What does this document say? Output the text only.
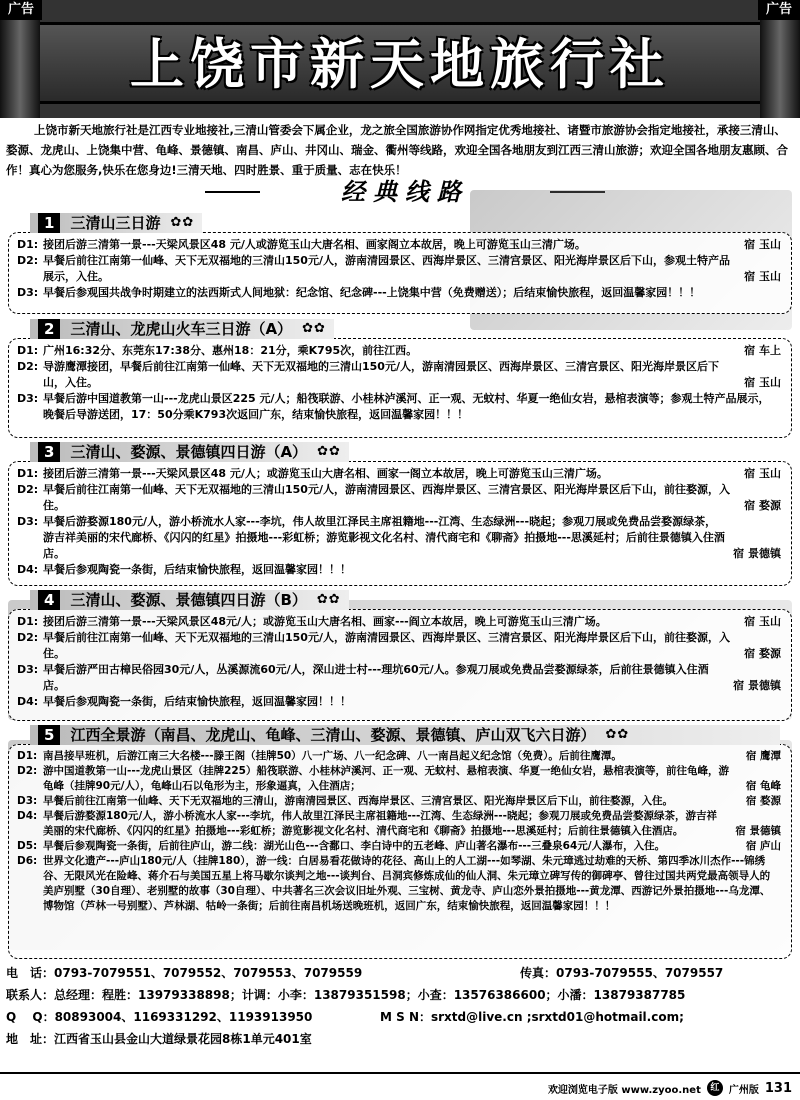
广告	广告
上饶市新天地旅行社
上饶市新天地旅行社是江西专业地接社,三清山管委会下属企业，龙之旅全国旅游协作网指定优秀地接社、诸暨市旅游协会指定地接社，承接三清山、婺源、龙虎山、上饶集中营、龟峰、景德镇、南昌、庐山、井冈山、瑞金、衢州等线路，欢迎全国各地朋友到江西三清山旅游；欢迎全国各地朋友惠顾、合作！真心为您服务,快乐在您身边!三清天地、四时胜景、重于质量、志在快乐！
经典线路
1	三清山三日游 ✿✿
D1: 接团后游三清第一景---天梁风景区48 元/人或游览玉山大唐名相、画家阁立本故居，晚上可游览玉山三清广场。	宿 玉山
D2: 早餐后前往江南第一仙峰、天下无双福地的三清山150元/人，游南清园景区、西海岸景区、三清宫景区、阳光海岸景区后下山，参观土特产品展示，入住。	宿 玉山
D3: 早餐后参观国共战争时期建立的法西斯式人间地狱：纪念馆、纪念碑---上饶集中营（免费赠送）；后结束愉快旅程，返回温馨家园！！！
2	三清山、龙虎山火车三日游（A） ✿✿
D1: 广州16:32分、东莞东17:38分、惠州18：21分，乘K795次，前往江西。	宿 车上
D2: 导游鹰潭接团，早餐后前往江南第一仙峰、天下无双福地的三清山150元/人，游南清园景区、西海岸景区、三清宫景区、阳光海岸景区后下山，入住。	宿 玉山
D3: 早餐后游中国道教第一山---龙虎山景区225 元/人；船筏联游、小桂林泸溪河、正一观、无蚊村、华夏一绝仙女岩，悬棺表演等；参观土特产品展示，晚餐后导游送团，17：50分乘K793次返回广东，结束愉快旅程，返回温馨家园！！！
3	三清山、婺源、景德镇四日游（A） ✿✿
D1: 接团后游三清第一景---天梁风景区48 元/人；或游览玉山大唐名相、画家一阁立本故居，晚上可游览玉山三清广场。	宿 玉山
D2: 早餐后前往江南第一仙峰、天下无双福地的三清山150元/人，游南清园景区、西海岸景区、三清宫景区、阳光海岸景区后下山，前往婺源，入住。	宿 婺源
D3: 早餐后游婺源180元/人，游小桥流水人家---李坑，伟人故里江泽民主席祖籍地---江湾、生态绿洲---晓起；参观刀展或免费品尝婺源绿茶，游吉祥美丽的宋代廊桥、《闪闪的红星》拍摄地---彩虹桥；游览影视文化名村、清代商宅和《聊斋》拍摄地---思溪延村；后前往景德镇入住酒店。	宿 景德镇
D4: 早餐后参观陶瓷一条街，后结束愉快旅程，返回温馨家园！！！
4	三清山、婺源、景德镇四日游（B） ✿✿
D1: 接团后游三清第一景---天梁风景区48元/人；或游览玉山大唐名相、画家---阎立本故居，晚上可游览玉山三清广场。	宿 玉山
D2: 早餐后前往江南第一仙峰、天下无双福地的三清山150元/人，游南清园景区、西海岸景区、三清宫景区、阳光海岸景区后下山，前往婺源，入住。	宿 婺源
D3: 早餐后游严田古樟民俗园30元/人，丛溪源流60元/人，深山进士村---理坑60元/人。参观刀展或免费品尝婺源绿茶，后前往景德镇入住酒店。	宿 景德镇
D4: 早餐后参观陶瓷一条街，后结束愉快旅程，返回温馨家园！！！
5	江西全景游（南昌、龙虎山、龟峰、三清山、婺源、景德镇、庐山双飞六日游） ✿✿
D1: 南昌接早班机，后游江南三大名楼---滕王阁（挂牌50）八一广场、八一纪念碑、八一南昌起义纪念馆（免费）。后前往鹰潭。	宿 鹰潭
D2: 游中国道教第一山---龙虎山景区（挂牌225）船筏联游、小桂林泸溪河、正一观、无蚊村、悬棺表演、华夏一绝仙女岩，悬棺表演等，前往龟峰，游龟峰（挂牌90元/人），龟峰山石以龟形为主，形象逼真，入住酒店；	宿 龟峰
D3: 早餐后前往江南第一仙峰、天下无双福地的三清山，游南清园景区、西海岸景区、三清宫景区、阳光海岸景区后下山，前往婺源，入住。	宿 婺源
D4: 早餐后游婺源180元/人，游小桥流水人家---李坑，伟人故里江泽民主席祖籍地---江湾、生态绿洲---晓起；参观刀展或免费品尝婺源绿茶，游吉祥美丽的宋代廊桥、《闪闪的红星》拍摄地---彩虹桥；游览影视文化名村、清代商宅和《聊斋》拍摄地---思溪延村；后前往景德镇入住酒店。	宿 景德镇
D5: 早餐后参观陶瓷一条街，后前往庐山，游二线：湖光山色---含鄱口、李白诗中的五老峰、庐山著名瀑布---三叠泉64元/人瀑布，入住。	宿 庐山
D6: 世界文化遗产---庐山180元/人（挂牌180），游一线：白居易看花做诗的花径、高山上的人工湖---如琴湖、朱元璋逃过劫难的天桥、第四季冰川杰作---锦绣谷、无限风光在险峰、蒋介石与美国五星上将马歇尔谈判之地---谈判台、吕洞宾修炼成仙的仙人洞、朱元璋立碑写传的御碑亭、曾往过国共两党最高领导人的美庐别墅（30自理）、老别墅的故事（30自理）、中共著名三次会议旧址外观、三宝树、黄龙寺、庐山恋外景拍摄地---黄龙潭、西游记外景拍摄地---乌龙潭、博物馆（芦林一号别墅）、芦林湖、牯岭一条街；后前往南昌机场送晚班机，返回广东，结束愉快旅程，返回温馨家园！！！
电　话：0793-7079551、7079552、7079553、7079559	传真：0793-7079555、7079557
联系人：总经理：程胜：13979338898；计调：小李：13879351598；小查：13576386600；小潘：13879387785
Q　 Q：80893004、1169331292、1193913950	M S N：srxtd@live.cn ;srxtd01@hotmail.com;
地　址：江西省玉山县金山大道绿景花园8栋1单元401室
欢迎浏览电子版 www.zyoo.net	红 广州版 131
